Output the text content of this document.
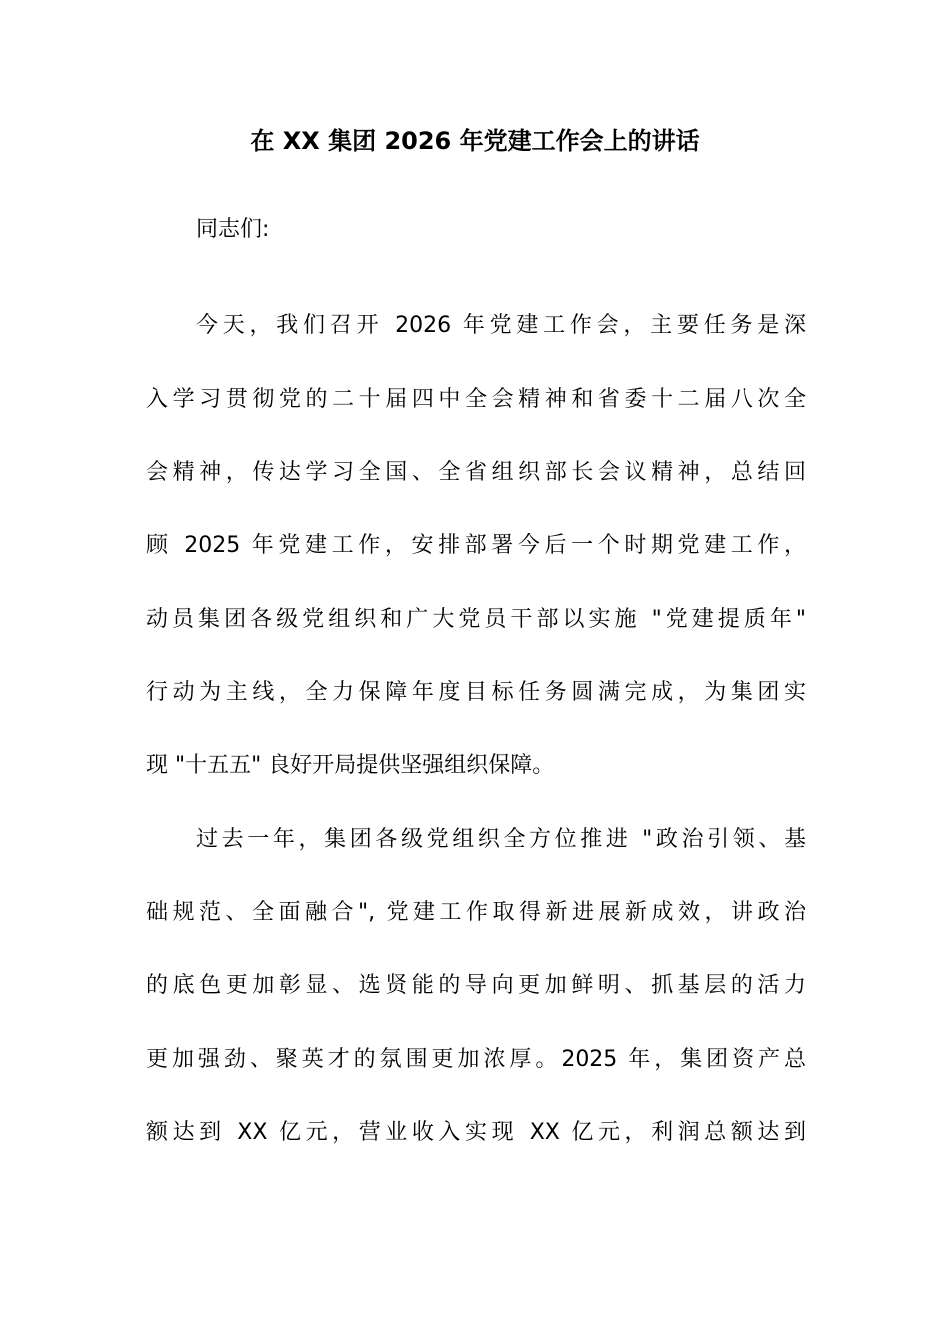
在 XX 集团 2026 年党建工作会上的讲话
同志们:
今天，我们召开 2026 年党建工作会，主要任务是深
入学习贯彻党的二十届四中全会精神和省委十二届八次全
会精神，传达学习全国、全省组织部长会议精神，总结回
顾 2025 年党建工作，安排部署今后一个时期党建工作，
动员集团各级党组织和广大党员干部以实施 "党建提质年"
行动为主线，全力保障年度目标任务圆满完成，为集团实
现 "十五五" 良好开局提供坚强组织保障。
过去一年，集团各级党组织全方位推进 "政治引领、基
础规范、全面融合", 党建工作取得新进展新成效，讲政治
的底色更加彰显、选贤能的导向更加鲜明、抓基层的活力
更加强劲、聚英才的氛围更加浓厚。2025 年，集团资产总
额达到 XX 亿元，营业收入实现 XX 亿元，利润总额达到
